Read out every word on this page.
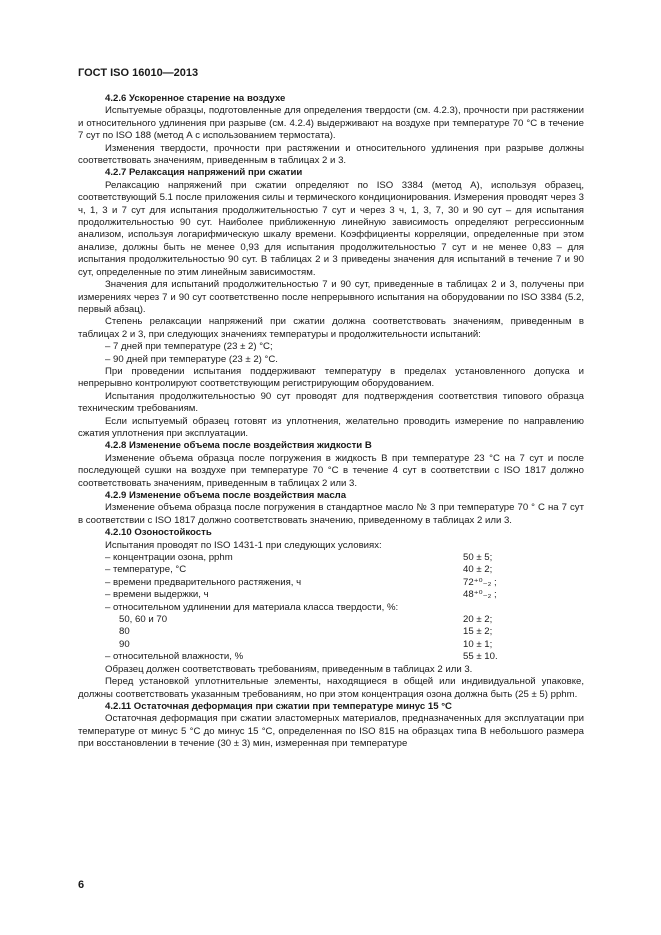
ГОСТ ISO 16010—2013
4.2.6 Ускоренное старение на воздухе

Испытуемые образцы, подготовленные для определения твердости (см. 4.2.3), прочности при растяжении и относительного удлинения при разрыве (см. 4.2.4) выдерживают на воздухе при температуре 70 °С в течение 7 сут по ISO 188 (метод А с использованием термостата).

Изменения твердости, прочности при растяжении и относительного удлинения при разрыве должны соответствовать значениям, приведенным в таблицах 2 и 3.

4.2.7 Релаксация напряжений при сжатии

Релаксацию напряжений при сжатии определяют по ISO 3384 (метод А), используя образец, соответствующий 5.1 после приложения силы и термического кондиционирования. Измерения проводят через 3 ч, 1, 3 и 7 сут для испытания продолжительностью 7 сут и через 3 ч, 1, 3, 7, 30 и 90 сут – для испытания продолжительностью 90 сут. Наиболее приближенную линейную зависимость определяют регрессионным анализом, используя логарифмическую шкалу времени. Коэффициенты корреляции, определенные при этом анализе, должны быть не менее 0,93 для испытания продолжительностью 7 сут и не менее 0,83 – для испытания продолжительностью 90 сут. В таблицах 2 и 3 приведены значения для испытаний в течение 7 и 90 сут, определенные по этим линейным зависимостям.

Значения для испытаний продолжительностью 7 и 90 сут, приведенные в таблицах 2 и 3, получены при измерениях через 7 и 90 сут соответственно после непрерывного испытания на оборудовании по ISO 3384 (5.2, первый абзац).

Степень релаксации напряжений при сжатии должна соответствовать значениям, приведенным в таблицах 2 и 3, при следующих значениях температуры и продолжительности испытаний:

– 7 дней при температуре (23 ± 2) °С;

– 90 дней при температуре (23 ± 2) °С.

При проведении испытания поддерживают температуру в пределах установленного допуска и непрерывно контролируют соответствующим регистрирующим оборудованием.

Испытания продолжительностью 90 сут проводят для подтверждения соответствия типового образца техническим требованиям.

Если испытуемый образец готовят из уплотнения, желательно проводить измерение по направлению сжатия уплотнения при эксплуатации.

4.2.8 Изменение объема после воздействия жидкости В

Изменение объема образца после погружения в жидкость В при температуре 23 °С на 7 сут и после последующей сушки на воздухе при температуре 70 °С в течение 4 сут в соответствии с ISO 1817 должно соответствовать значениям, приведенным в таблицах 2 или 3.

4.2.9 Изменение объема после воздействия масла

Изменение объема образца после погружения в стандартное масло № 3 при температуре 70 ° С на 7 сут в соответствии с ISO 1817 должно соответствовать значению, приведенному в таблицах 2 или 3.

4.2.10 Озоностойкость

Испытания проводят по ISO 1431-1 при следующих условиях:

– концентрации озона, pphm	50 ± 5;
– температуре, °С	40 ± 2;
– времени предварительного растяжения, ч	72⁺⁰₋₂ ;
– времени выдержки, ч	48⁺⁰₋₂ ;
– относительном удлинении для материала класса твердости, %:
50, 60 и 70	20 ± 2;
80	15 ± 2;
90	10 ± 1;
– относительной влажности, %	55 ± 10.

Образец должен соответствовать требованиям, приведенным в таблицах 2 или 3.

Перед установкой уплотнительные элементы, находящиеся в общей или индивидуальной упаковке, должны соответствовать указанным требованиям, но при этом концентрация озона должна быть (25 ± 5) pphm.

4.2.11 Остаточная деформация при сжатии при температуре минус 15 °С

Остаточная деформация при сжатии эластомерных материалов, предназначенных для эксплуатации при температуре от минус 5 °С до минус 15 °С, определенная по ISO 815 на образцах типа В небольшого размера при восстановлении в течение (30 ± 3) мин, измеренная при температуре

6
